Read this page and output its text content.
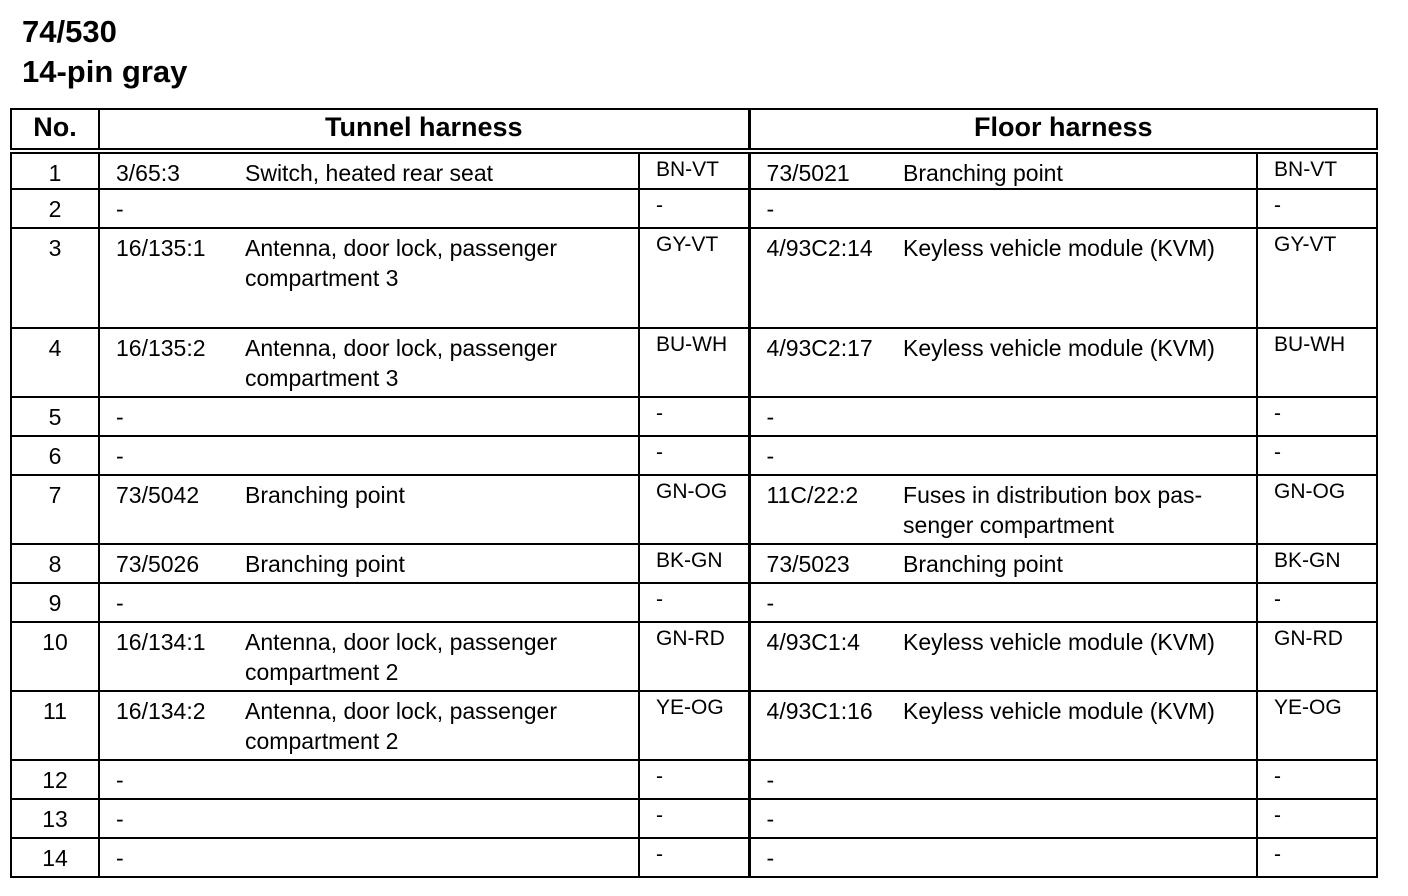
74/530
14-pin gray
No.	Tunnel harness			Floor harness		
1	3/65:3	Switch, heated rear seat	BN-VT	73/5021	Branching point	BN-VT
2	-		-	-		-
3	16/135:1	Antenna, door lock, passenger compartment 3	GY-VT	4/93C2:14	Keyless vehicle module (KVM)	GY-VT
4	16/135:2	Antenna, door lock, passenger compartment 3	BU-WH	4/93C2:17	Keyless vehicle module (KVM)	BU-WH
5	-		-	-		-
6	-		-	-		-
7	73/5042	Branching point	GN-OG	11C/22:2	Fuses in distribution box pas-senger compartment	GN-OG
8	73/5026	Branching point	BK-GN	73/5023	Branching point	BK-GN
9	-		-	-		-
10	16/134:1	Antenna, door lock, passenger compartment 2	GN-RD	4/93C1:4	Keyless vehicle module (KVM)	GN-RD
11	16/134:2	Antenna, door lock, passenger compartment 2	YE-OG	4/93C1:16	Keyless vehicle module (KVM)	YE-OG
12	-		-	-		-
13	-		-	-		-
14	-		-	-		-
